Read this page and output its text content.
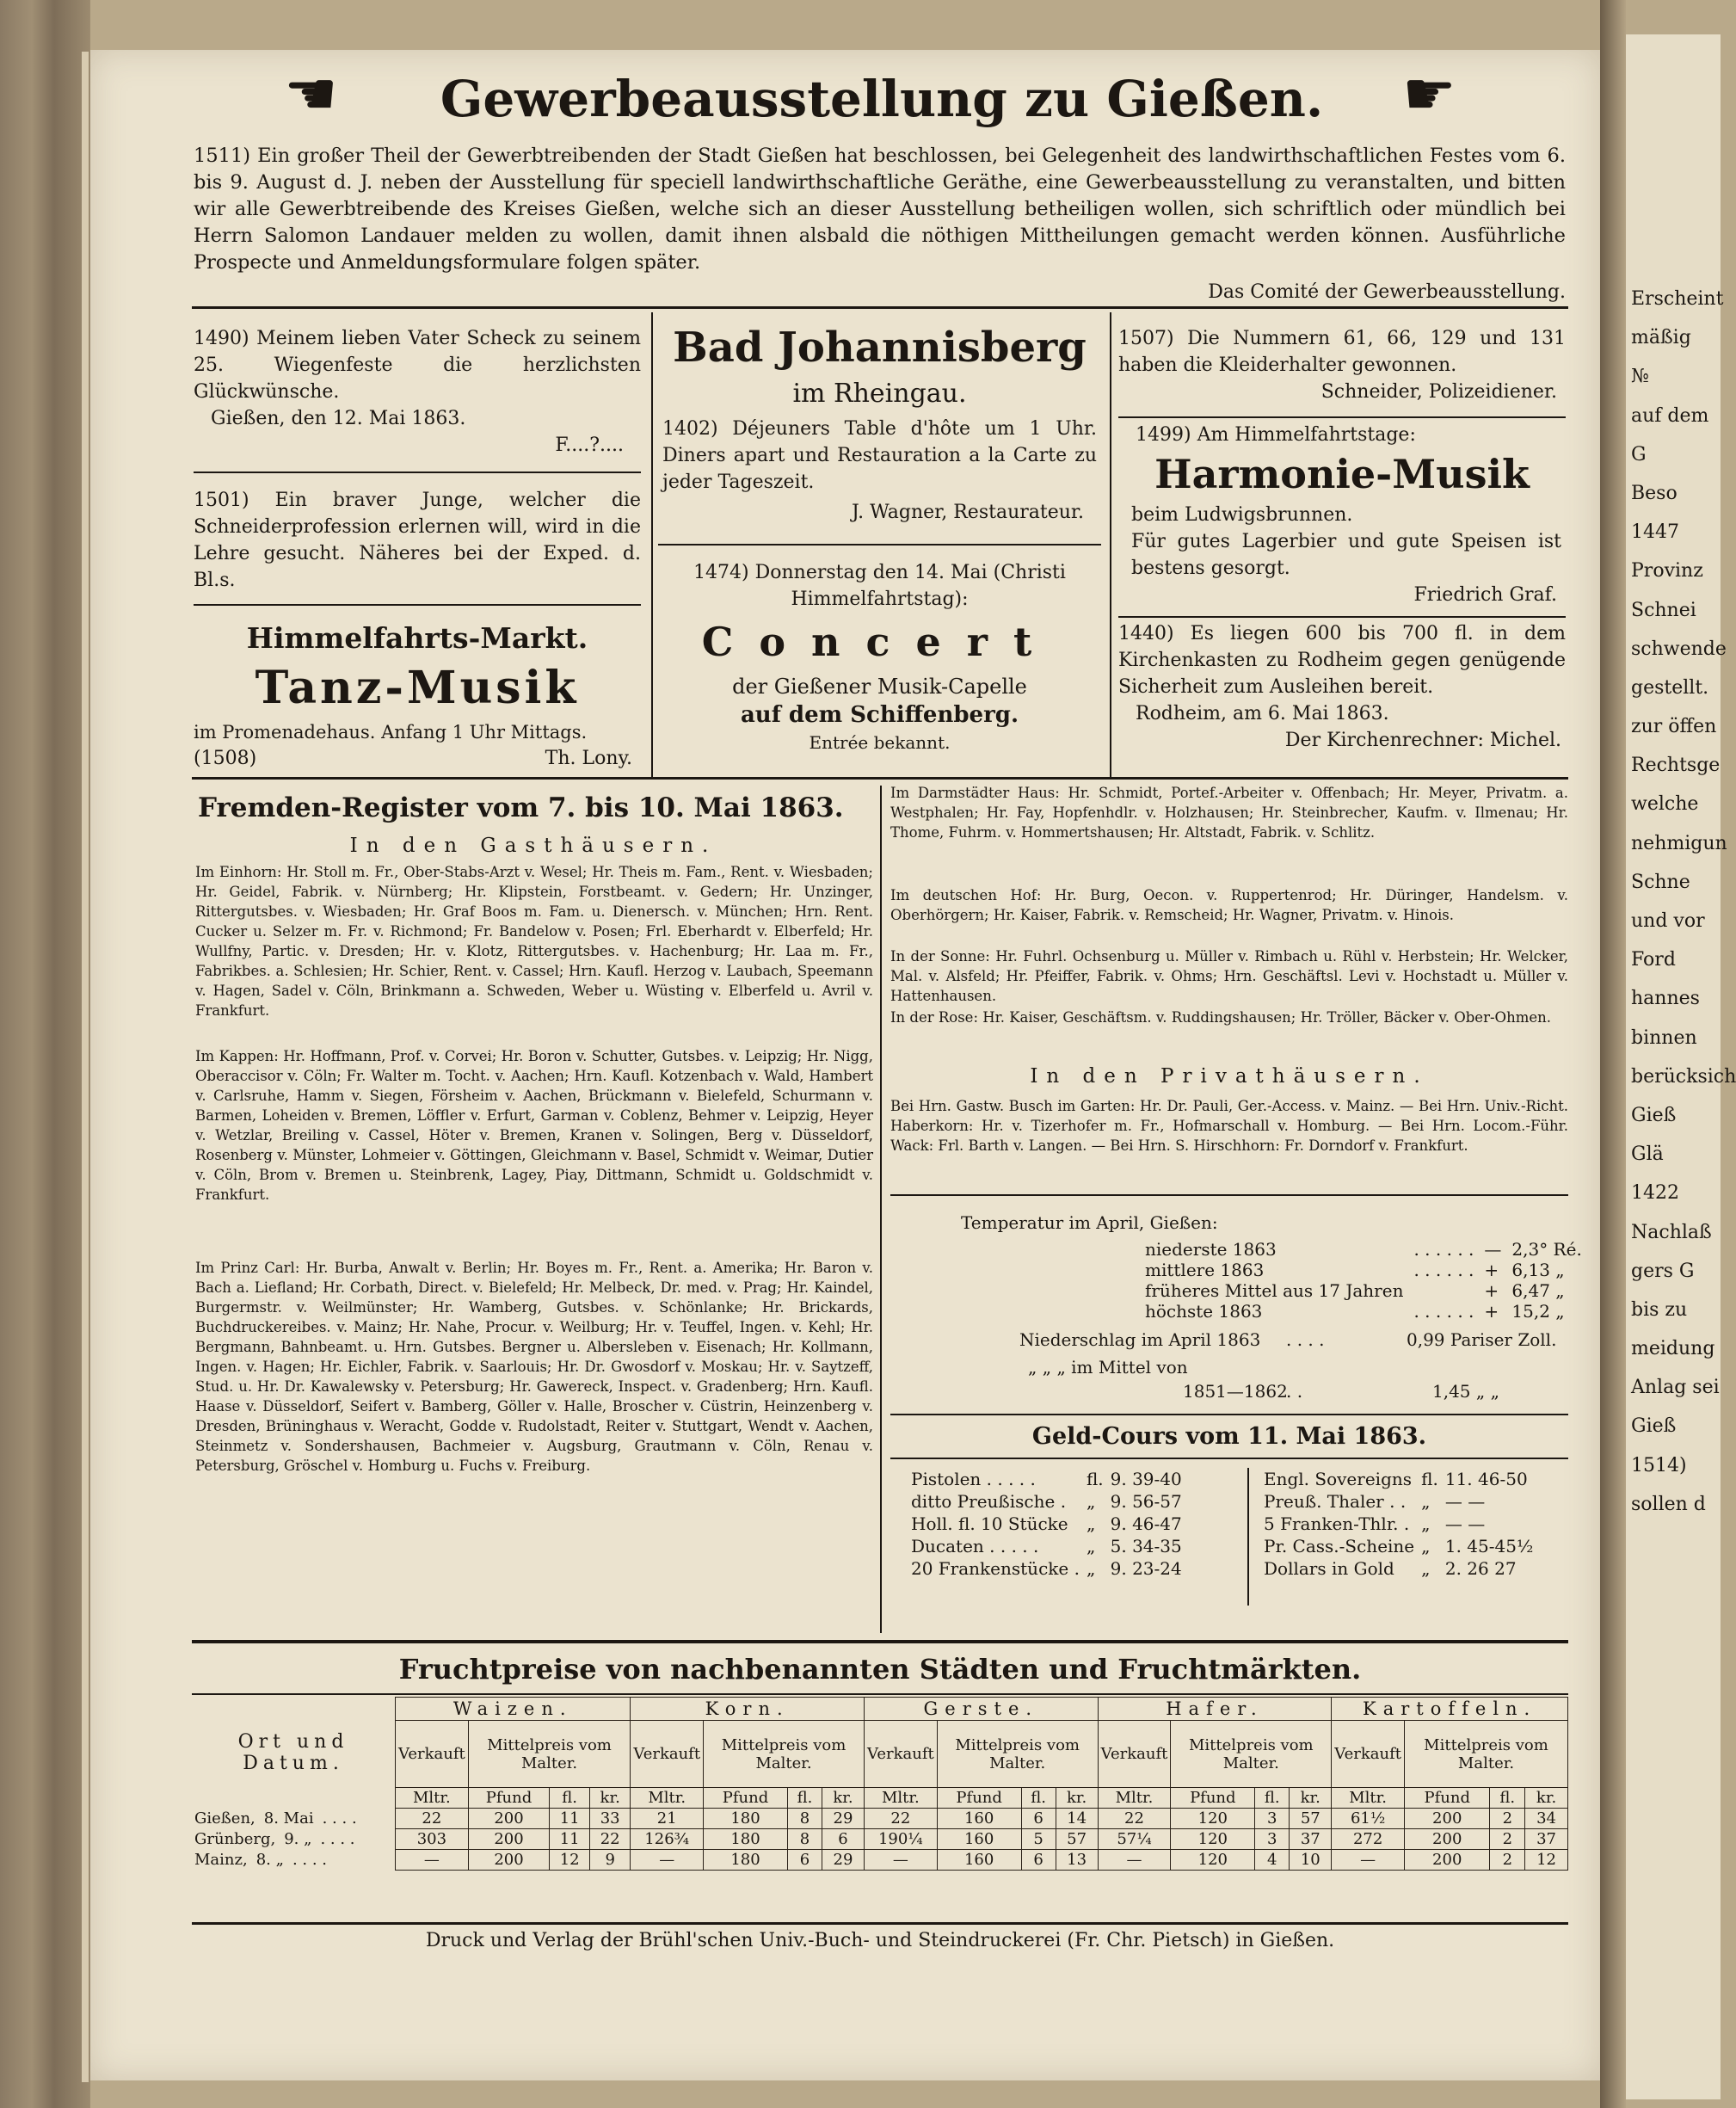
☚	☛
Gewerbeausstellung zu Gießen.
1511) Ein großer Theil der Gewerbtreibenden der Stadt Gießen hat beschlossen, bei Gelegenheit des landwirthschaftlichen Festes vom 6. bis 9. August d. J. neben der Ausstellung für speciell landwirthschaftliche Geräthe, eine Gewerbeausstellung zu veranstalten, und bitten wir alle Gewerbtreibende des Kreises Gießen, welche sich an dieser Ausstellung betheiligen wollen, sich schriftlich oder mündlich bei Herrn Salomon Landauer melden zu wollen, damit ihnen alsbald die nöthigen Mittheilungen gemacht werden können. Ausführliche Prospecte und Anmeldungsformulare folgen später.
Das Comité der Gewerbeausstellung.
1490) Meinem lieben Vater Scheck zu seinem 25. Wiegenfeste die herzlichsten Glückwünsche.
Gießen, den 12. Mai 1863.
F....?....
1501) Ein braver Junge, welcher die Schneiderprofession erlernen will, wird in die Lehre gesucht. Näheres bei der Exped. d. Bl.s.
Himmelfahrts-Markt.
Tanz-Musik
im Promenadehaus. Anfang 1 Uhr Mittags.
(1508)	Th. Lony.
Bad Johannisberg
im Rheingau.
1402) Déjeuners Table d'hôte um 1 Uhr. Diners apart und Restauration a la Carte zu jeder Tageszeit.
J. Wagner, Restaurateur.
1474) Donnerstag den 14. Mai (Christi Himmelfahrtstag):
Concert
der Gießener Musik-Capelle
auf dem Schiffenberg.
Entrée bekannt.
1507) Die Nummern 61, 66, 129 und 131 haben die Kleiderhalter gewonnen.
Schneider, Polizeidiener.
1499) Am Himmelfahrtstage:
Harmonie-Musik
beim Ludwigsbrunnen.
Für gutes Lagerbier und gute Speisen ist bestens gesorgt.
Friedrich Graf.
1440) Es liegen 600 bis 700 fl. in dem Kirchenkasten zu Rodheim gegen genügende Sicherheit zum Ausleihen bereit.
Rodheim, am 6. Mai 1863.
Der Kirchenrechner: Michel.
Fremden-Register vom 7. bis 10. Mai 1863.
In den Gasthäusern.
Im Einhorn: Hr. Stoll m. Fr., Ober-Stabs-Arzt v. Wesel; Hr. Theis m. Fam., Rent. v. Wiesbaden; Hr. Geidel, Fabrik. v. Nürnberg; Hr. Klipstein, Forstbeamt. v. Gedern; Hr. Unzinger, Rittergutsbes. v. Wiesbaden; Hr. Graf Boos m. Fam. u. Dienersch. v. München; Hrn. Rent. Cucker u. Selzer m. Fr. v. Richmond; Fr. Bandelow v. Posen; Frl. Eberhardt v. Elberfeld; Hr. Wullfny, Partic. v. Dresden; Hr. v. Klotz, Rittergutsbes. v. Hachenburg; Hr. Laa m. Fr., Fabrikbes. a. Schlesien; Hr. Schier, Rent. v. Cassel; Hrn. Kaufl. Herzog v. Laubach, Speemann v. Hagen, Sadel v. Cöln, Brinkmann a. Schweden, Weber u. Wüsting v. Elberfeld u. Avril v. Frankfurt.
Im Kappen: Hr. Hoffmann, Prof. v. Corvei; Hr. Boron v. Schutter, Gutsbes. v. Leipzig; Hr. Nigg, Oberaccisor v. Cöln; Fr. Walter m. Tocht. v. Aachen; Hrn. Kaufl. Kotzenbach v. Wald, Hambert v. Carlsruhe, Hamm v. Siegen, Försheim v. Aachen, Brückmann v. Bielefeld, Schurmann v. Barmen, Loheiden v. Bremen, Löffler v. Erfurt, Garman v. Coblenz, Behmer v. Leipzig, Heyer v. Wetzlar, Breiling v. Cassel, Höter v. Bremen, Kranen v. Solingen, Berg v. Düsseldorf, Rosenberg v. Münster, Lohmeier v. Göttingen, Gleichmann v. Basel, Schmidt v. Weimar, Dutier v. Cöln, Brom v. Bremen u. Steinbrenk, Lagey, Piay, Dittmann, Schmidt u. Goldschmidt v. Frankfurt.
Im Prinz Carl: Hr. Burba, Anwalt v. Berlin; Hr. Boyes m. Fr., Rent. a. Amerika; Hr. Baron v. Bach a. Liefland; Hr. Corbath, Direct. v. Bielefeld; Hr. Melbeck, Dr. med. v. Prag; Hr. Kaindel, Burgermstr. v. Weilmünster; Hr. Wamberg, Gutsbes. v. Schönlanke; Hr. Brickards, Buchdruckereibes. v. Mainz; Hr. Nahe, Procur. v. Weilburg; Hr. v. Teuffel, Ingen. v. Kehl; Hr. Bergmann, Bahnbeamt. u. Hrn. Gutsbes. Bergner u. Albersleben v. Eisenach; Hr. Kollmann, Ingen. v. Hagen; Hr. Eichler, Fabrik. v. Saarlouis; Hr. Dr. Gwosdorf v. Moskau; Hr. v. Saytzeff, Stud. u. Hr. Dr. Kawalewsky v. Petersburg; Hr. Gawereck, Inspect. v. Gradenberg; Hrn. Kaufl. Haase v. Düsseldorf, Seifert v. Bamberg, Göller v. Halle, Broscher v. Cüstrin, Heinzenberg v. Dresden, Brüninghaus v. Weracht, Godde v. Rudolstadt, Reiter v. Stuttgart, Wendt v. Aachen, Steinmetz v. Sondershausen, Bachmeier v. Augsburg, Grautmann v. Cöln, Renau v. Petersburg, Gröschel v. Homburg u. Fuchs v. Freiburg.
Im Darmstädter Haus: Hr. Schmidt, Portef.-Arbeiter v. Offenbach; Hr. Meyer, Privatm. a. Westphalen; Hr. Fay, Hopfenhdlr. v. Holzhausen; Hr. Steinbrecher, Kaufm. v. Ilmenau; Hr. Thome, Fuhrm. v. Hommertshausen; Hr. Altstadt, Fabrik. v. Schlitz.
Im deutschen Hof: Hr. Burg, Oecon. v. Ruppertenrod; Hr. Düringer, Handelsm. v. Oberhörgern; Hr. Kaiser, Fabrik. v. Remscheid; Hr. Wagner, Privatm. v. Hinois.
In der Sonne: Hr. Fuhrl. Ochsenburg u. Müller v. Rimbach u. Rühl v. Herbstein; Hr. Welcker, Mal. v. Alsfeld; Hr. Pfeiffer, Fabrik. v. Ohms; Hrn. Geschäftsl. Levi v. Hochstadt u. Müller v. Hattenhausen.
In der Rose: Hr. Kaiser, Geschäftsm. v. Ruddingshausen; Hr. Tröller, Bäcker v. Ober-Ohmen.
In den Privathäusern.
Bei Hrn. Gastw. Busch im Garten: Hr. Dr. Pauli, Ger.-Access. v. Mainz. — Bei Hrn. Univ.-Richt. Haberkorn: Hr. v. Tizerhofer m. Fr., Hofmarschall v. Homburg. — Bei Hrn. Locom.-Führ. Wack: Frl. Barth v. Langen. — Bei Hrn. S. Hirschhorn: Fr. Dorndorf v. Frankfurt.
Temperatur im April, Gießen:
niederste 1863	. . . . . .	—	2,3° Ré.
mittlere 1863	. . . . . .	+	6,13 „
früheres Mittel aus 17 Jahren		+	6,47 „
höchste 1863	. . . . . .	+	15,2 „
Niederschlag im April 1863 . . . .	0,99 Pariser Zoll.
„ „ „ im Mittel von
1851—1862
. .	1,45 „ „
Geld-Cours vom 11. Mai 1863.
Pistolen . . . . .	fl.	9. 39-40
ditto Preußische .	„	9. 56-57
Holl. fl. 10 Stücke	„	9. 46-47
Ducaten . . . . .	„	5. 34-35
20 Frankenstücke .	„	9. 23-24
Engl. Sovereigns	fl.	11. 46-50
Preuß. Thaler . .	„	— —
5 Franken-Thlr. .	„	— —
Pr. Cass.-Scheine	„	1. 45-45½
Dollars in Gold	„	2. 26 27
Fruchtpreise von nachbenannten Städten und Fruchtmärkten.
Ort und Datum.	Waizen.				Korn.				Gerste.				Hafer.				Kartoffeln.			
	Verkauft	Mittelpreis vom Malter.			Verkauft	Mittelpreis vom Malter.			Verkauft	Mittelpreis vom Malter.			Verkauft	Mittelpreis vom Malter.			Verkauft	Mittelpreis vom Malter.		
	Mltr.	Pfund	fl.	kr.	Mltr.	Pfund	fl.	kr.	Mltr.	Pfund	fl.	kr.	Mltr.	Pfund	fl.	kr.	Mltr.	Pfund	fl.	kr.
Gießen, 8. Mai . . . .	22	200	11	33	21	180	8	29	22	160	6	14	22	120	3	57	61½	200	2	34
Grünberg, 9. „ . . . .	303	200	11	22	126¾	180	8	6	190¼	160	5	57	57¼	120	3	37	272	200	2	37
Mainz, 8. „ . . . .	—	200	12	9	—	180	6	29	—	160	6	13	—	120	4	10	—	200	2	12
Druck und Verlag der Brühl'schen Univ.-Buch- und Steindruckerei (Fr. Chr. Pietsch) in Gießen.
Erscheint
mäßig
№
auf dem
G
Beso
1447
Provinz
Schnei
schwende
gestellt.
zur öffen
Rechtsge
welche
nehmigun
Schne
und vor
Ford
hannes
binnen
berücksich
Gieß
Glä
1422
Nachlaß
gers G
bis zu
meidung
Anlag sei
Gieß
1514)
sollen d
